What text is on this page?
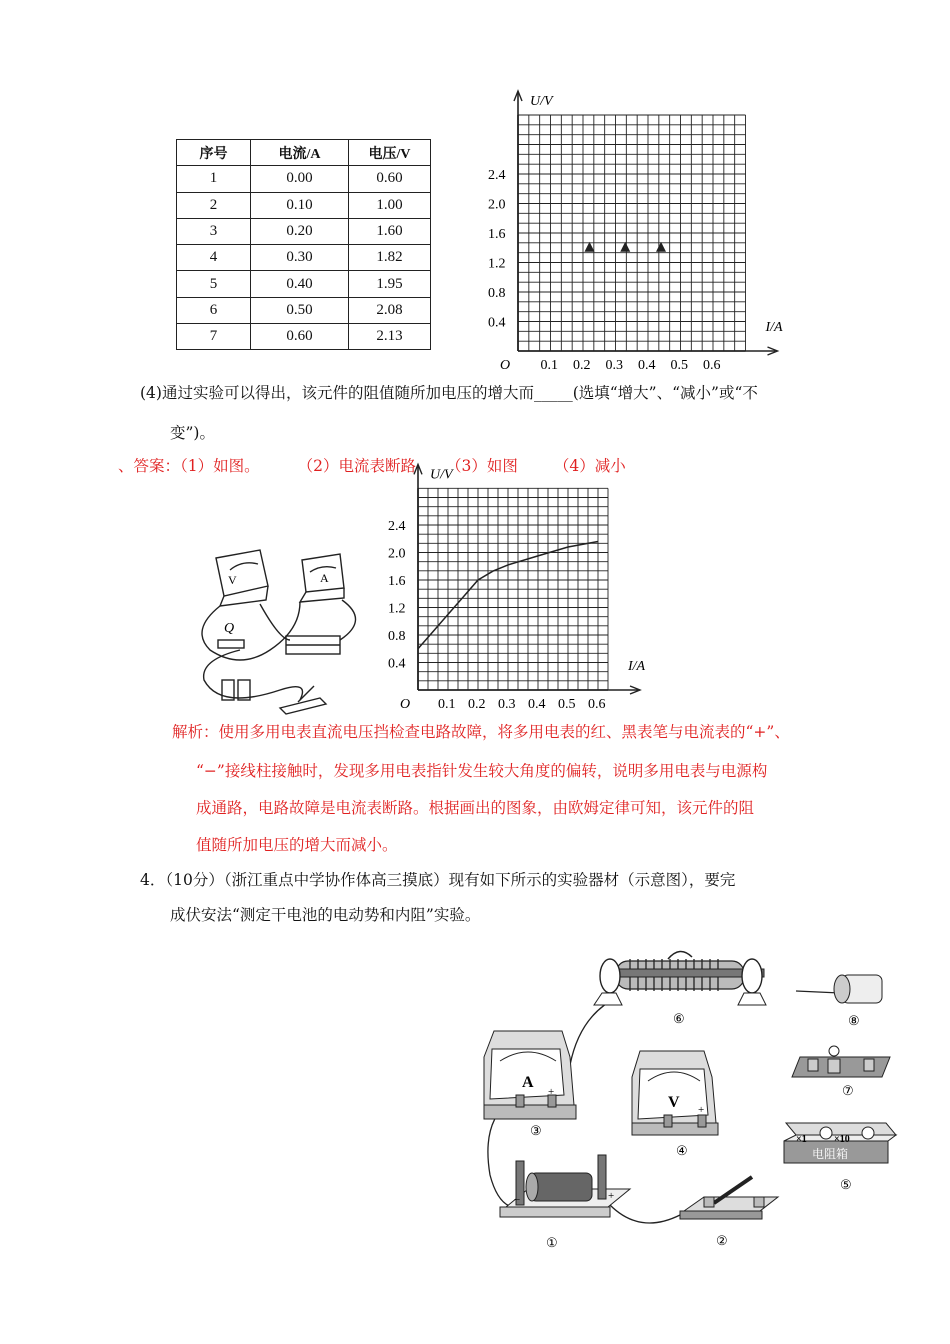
序号	电流/A	电压/V
1	0.00	0.60
2	0.10	1.00
3	0.20	1.60
4	0.30	1.82
5	0.40	1.95
6	0.50	2.08
7	0.60	2.13
0.1 0.2 0.3 0.4 0.5 0.6
0.4
0.8
1.2
1.6
2.0
2.4
O
I/A
U/V
(4)通过实验可以得出，该元件的阻值随所加电压的增大而_____(选填“增大”、“减小”或“不
变”)。
、答案：（1）如图。 （2）电流表断路 （3）如图 （4）减小
V	A
Q
0.1 0.2 0.3 0.4 0.5 0.6
0.4
0.8
1.2
1.6
2.0
2.4
O
I/A
U/V
解析：使用多用电表直流电压挡检查电路故障，将多用电表的红、黑表笔与电流表的“+”、
“−”接线柱接触时，发现多用电表指针发生较大角度的偏转，说明多用电表与电源构
成通路，电路故障是电流表断路。根据画出的图象，由欧姆定律可知，该元件的阻
值随所加电压的增大而减小。
4．（10分）（浙江重点中学协作体高三摸底）现有如下所示的实验器材（示意图），要完
成伏安法“测定干电池的电动势和内阻”实验。
⑥	⑧
A
+
③
V +
④
⑦
×1	×10
电阻箱
⑤
−	+
①	②
